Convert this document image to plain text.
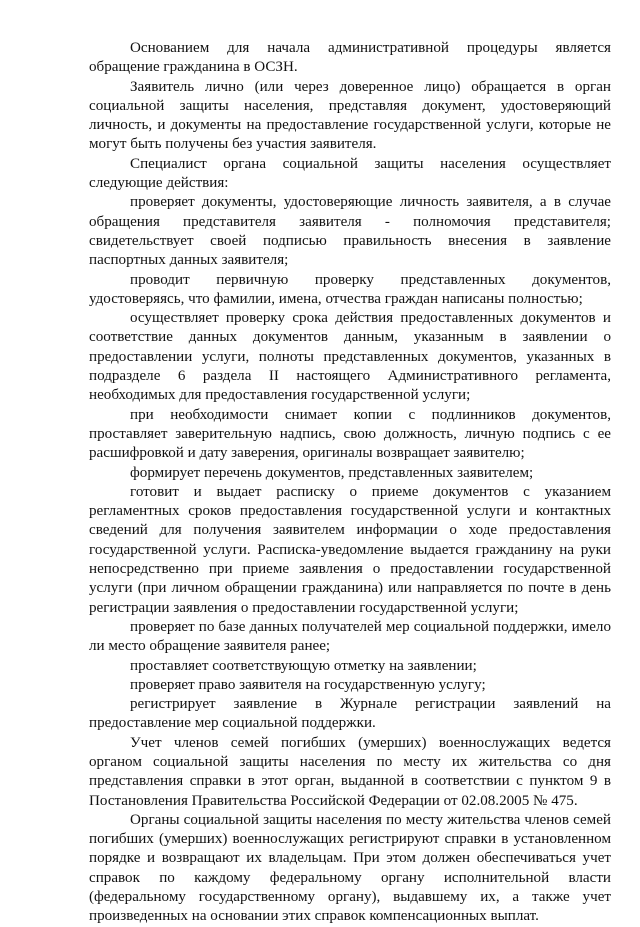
Основанием для начала административной процедуры является обращение гражданина в ОСЗН.

Заявитель лично (или через доверенное лицо) обращается в орган социальной защиты населения, представляя документ, удостоверяющий личность, и документы на предоставление государственной услуги, которые не могут быть получены без участия заявителя.

Специалист органа социальной защиты населения осуществляет следующие действия:

проверяет документы, удостоверяющие личность заявителя, а в случае обращения представителя заявителя - полномочия представителя; свидетельствует своей подписью правильность внесения в заявление паспортных данных заявителя;

проводит первичную проверку представленных документов, удостоверяясь, что фамилии, имена, отчества граждан написаны полностью;

осуществляет проверку срока действия предоставленных документов и соответствие данных документов данным, указанным в заявлении о предоставлении услуги, полноты представленных документов, указанных в подразделе 6 раздела II настоящего Административного регламента, необходимых для предоставления государственной услуги;

при необходимости снимает копии с подлинников документов, проставляет заверительную надпись, свою должность, личную подпись с ее расшифровкой и дату заверения, оригиналы возвращает заявителю;

формирует перечень документов, представленных заявителем;

готовит и выдает расписку о приеме документов с указанием регламентных сроков предоставления государственной услуги и контактных сведений для получения заявителем информации о ходе предоставления государственной услуги. Расписка-уведомление выдается гражданину на руки непосредственно при приеме заявления о предоставлении государственной услуги (при личном обращении гражданина) или направляется по почте в день регистрации заявления о предоставлении государственной услуги;

проверяет по базе данных получателей мер социальной поддержки, имело ли место обращение заявителя ранее;

проставляет соответствующую отметку на заявлении;

проверяет право заявителя на государственную услугу;

регистрирует заявление в Журнале регистрации заявлений на предоставление мер социальной поддержки.

Учет членов семей погибших (умерших) военнослужащих ведется органом социальной защиты населения по месту их жительства со дня представления справки в этот орган, выданной в соответствии с пунктом 9 в Постановления Правительства Российской Федерации от 02.08.2005 № 475.

Органы социальной защиты населения по месту жительства членов семей погибших (умерших) военнослужащих регистрируют справки в установленном порядке и возвращают их владельцам. При этом должен обеспечиваться учет справок по каждому федеральному органу исполнительной власти (федеральному государственному органу), выдавшему их, а также учет произведенных на основании этих справок компенсационных выплат.
